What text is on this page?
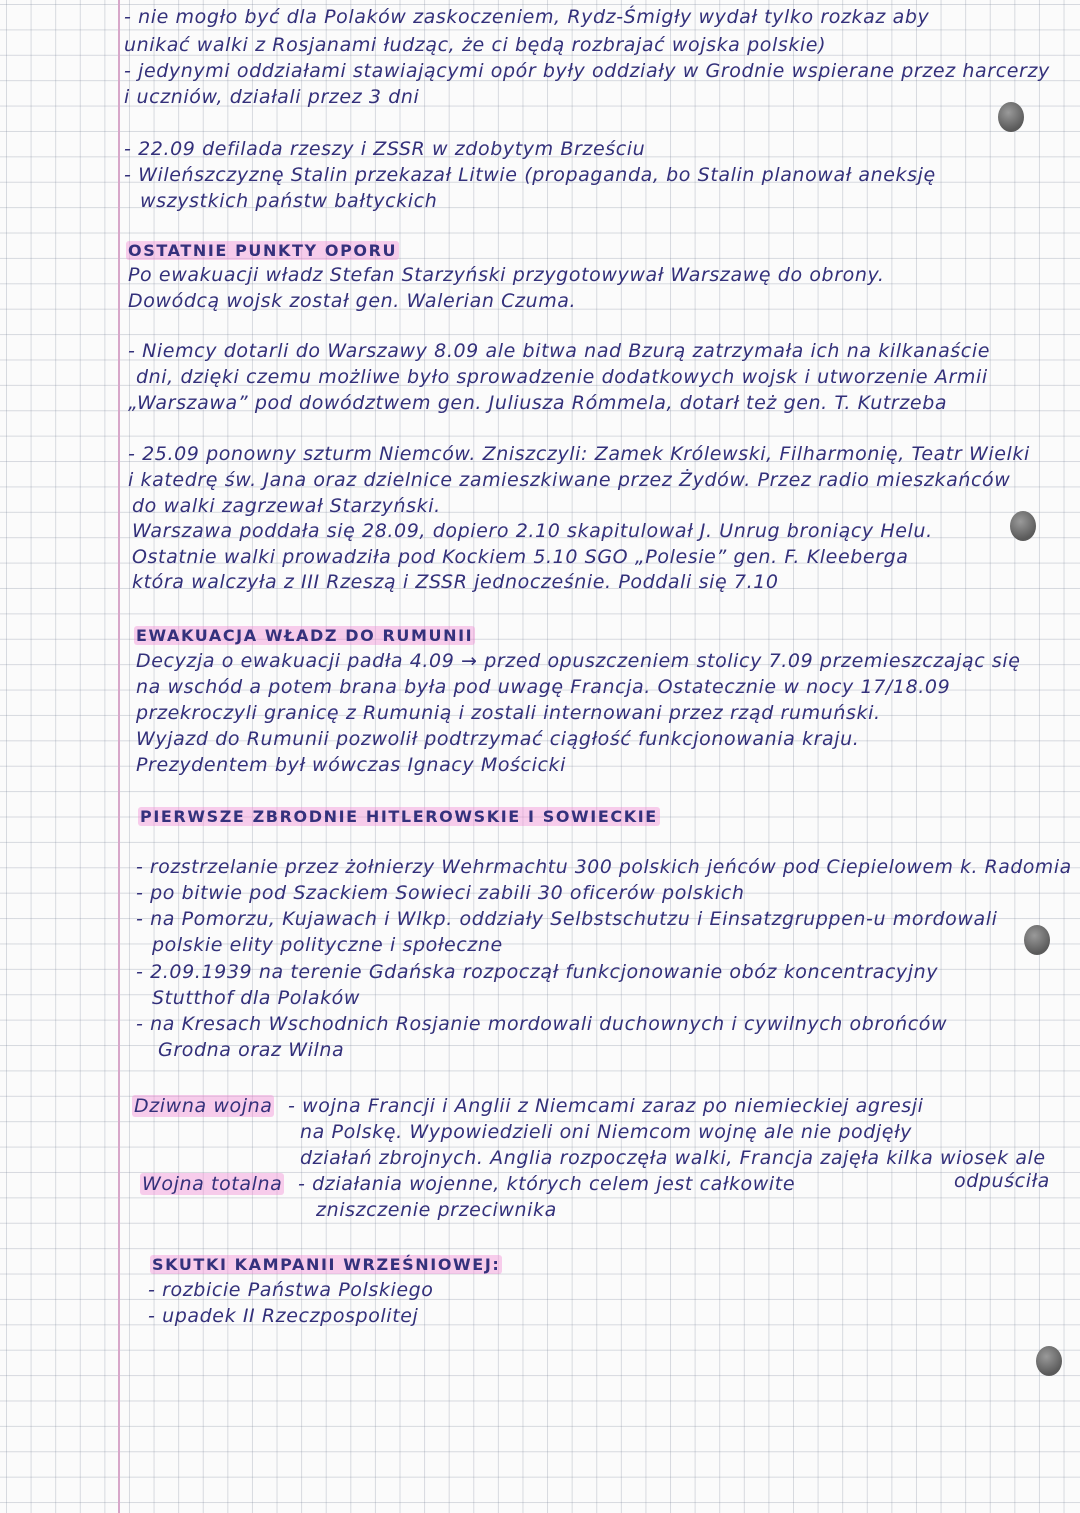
- nie mogło być dla Polaków zaskoczeniem, Rydz-Śmigły wydał tylko rozkaz aby
unikać walki z Rosjanami łudząc, że ci będą rozbrajać wojska polskie)
- jedynymi oddziałami stawiającymi opór były oddziały w Grodnie wspierane przez harcerzy
i uczniów, działali przez 3 dni
- 22.09 defilada rzeszy i ZSSR w zdobytym Brześciu
- Wileńszczyznę Stalin przekazał Litwie (propaganda, bo Stalin planował aneksję
wszystkich państw bałtyckich
OSTATNIE PUNKTY OPORU
Po ewakuacji władz Stefan Starzyński przygotowywał Warszawę do obrony.
Dowódcą wojsk został gen. Walerian Czuma.
- Niemcy dotarli do Warszawy 8.09 ale bitwa nad Bzurą zatrzymała ich na kilkanaście
dni, dzięki czemu możliwe było sprowadzenie dodatkowych wojsk i utworzenie Armii
„Warszawa” pod dowództwem gen. Juliusza Rómmela, dotarł też gen. T. Kutrzeba
- 25.09 ponowny szturm Niemców. Zniszczyli: Zamek Królewski, Filharmonię, Teatr Wielki
i katedrę św. Jana oraz dzielnice zamieszkiwane przez Żydów. Przez radio mieszkańców
do walki zagrzewał Starzyński.
Warszawa poddała się 28.09, dopiero 2.10 skapitulował J. Unrug broniący Helu.
Ostatnie walki prowadziła pod Kockiem 5.10 SGO „Polesie” gen. F. Kleeberga
która walczyła z III Rzeszą i ZSSR jednocześnie. Poddali się 7.10
EWAKUACJA WŁADZ DO RUMUNII
Decyzja o ewakuacji padła 4.09 → przed opuszczeniem stolicy 7.09 przemieszczając się
na wschód a potem brana była pod uwagę Francja. Ostatecznie w nocy 17/18.09
przekroczyli granicę z Rumunią i zostali internowani przez rząd rumuński.
Wyjazd do Rumunii pozwolił podtrzymać ciągłość funkcjonowania kraju.
Prezydentem był wówczas Ignacy Mościcki
PIERWSZE ZBRODNIE HITLEROWSKIE I SOWIECKIE
- rozstrzelanie przez żołnierzy Wehrmachtu 300 polskich jeńców pod Ciepielowem k. Radomia
- po bitwie pod Szackiem Sowieci zabili 30 oficerów polskich
- na Pomorzu, Kujawach i Wlkp. oddziały Selbstschutzu i Einsatzgruppen-u mordowali
polskie elity polityczne i społeczne
- 2.09.1939 na terenie Gdańska rozpoczął funkcjonowanie obóz koncentracyjny
Stutthof dla Polaków
- na Kresach Wschodnich Rosjanie mordowali duchownych i cywilnych obrońców
Grodna oraz Wilna
Dziwna wojna - wojna Francji i Anglii z Niemcami zaraz po niemieckiej agresji
na Polskę. Wypowiedzieli oni Niemcom wojnę ale nie podjęły
działań zbrojnych. Anglia rozpoczęła walki, Francja zajęła kilka wiosek ale
odpuściła
Wojna totalna - działania wojenne, których celem jest całkowite
zniszczenie przeciwnika
SKUTKI KAMPANII WRZEŚNIOWEJ:
- rozbicie Państwa Polskiego
- upadek II Rzeczpospolitej
